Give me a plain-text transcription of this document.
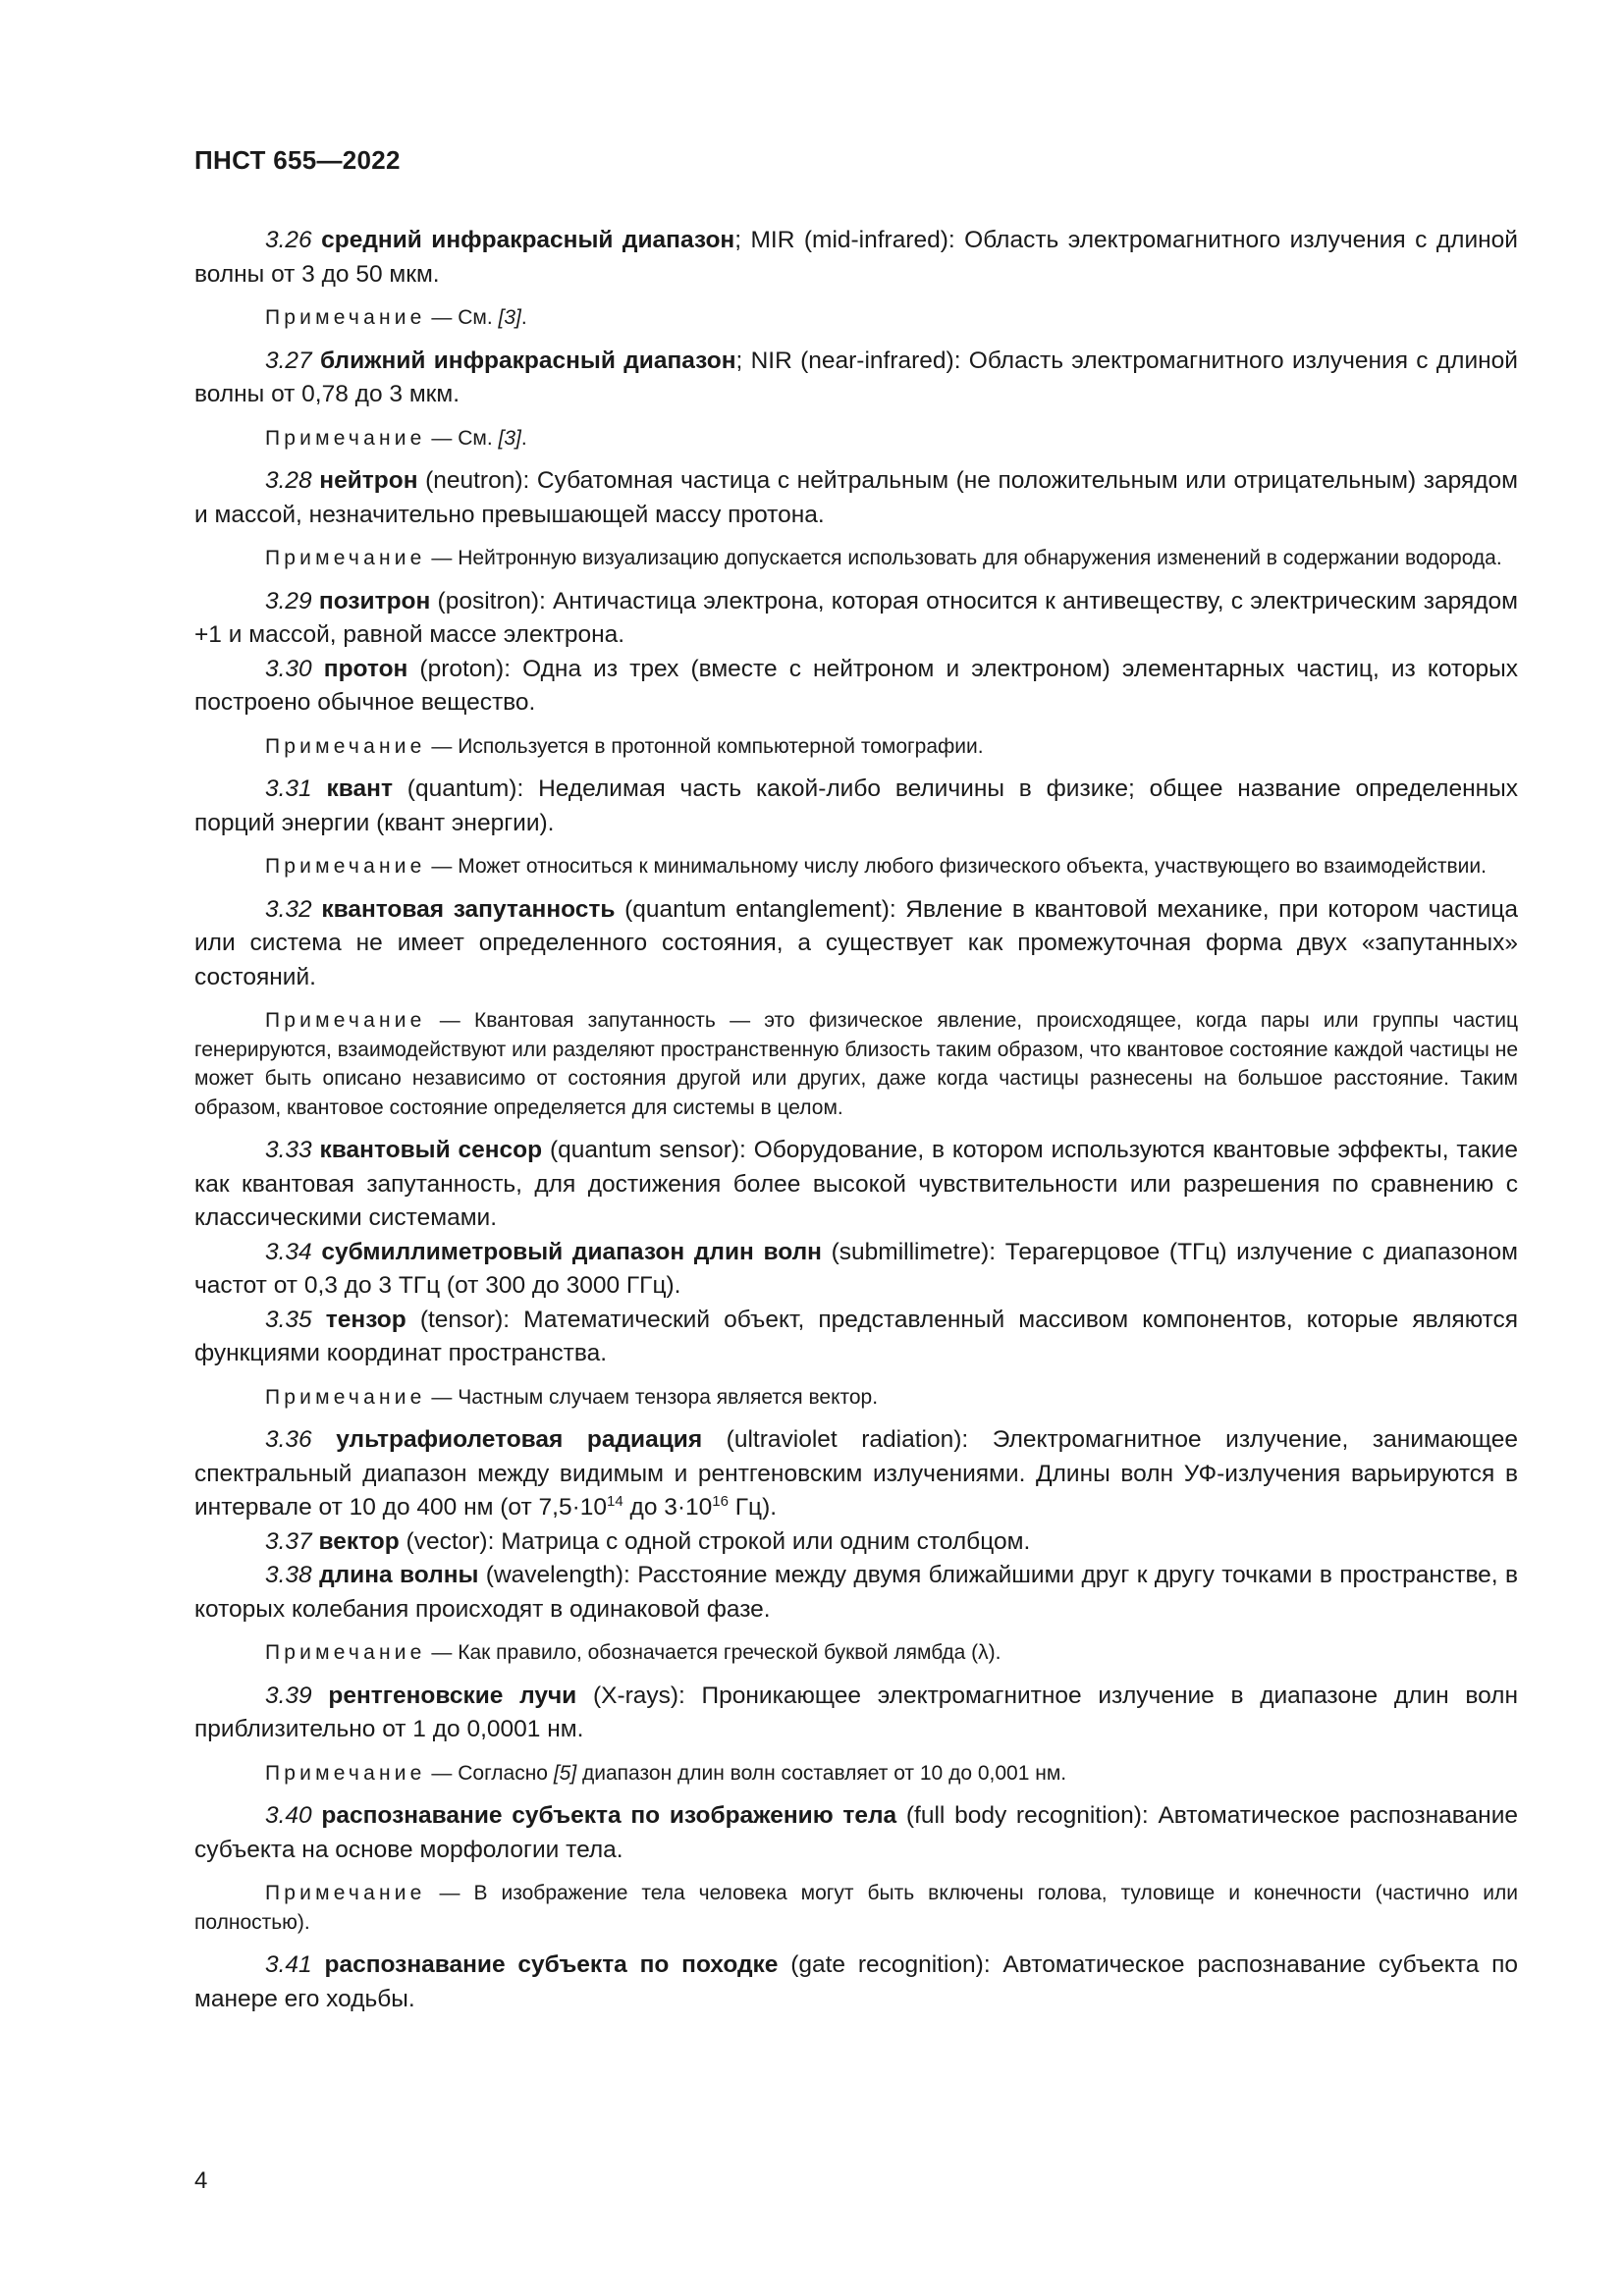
ПНСТ 655—2022

3.26 средний инфракрасный диапазон; MIR (mid-infrared): Область электромагнитного излучения с длиной волны от 3 до 50 мкм.

Примечание — См. [3].

3.27 ближний инфракрасный диапазон; NIR (near-infrared): Область электромагнитного излучения с длиной волны от 0,78 до 3 мкм.

Примечание — См. [3].

3.28 нейтрон (neutron): Субатомная частица с нейтральным (не положительным или отрицательным) зарядом и массой, незначительно превышающей массу протона.

Примечание — Нейтронную визуализацию допускается использовать для обнаружения изменений в содержании водорода.

3.29 позитрон (positron): Античастица электрона, которая относится к антивеществу, с электрическим зарядом +1 и массой, равной массе электрона.

3.30 протон (proton): Одна из трех (вместе с нейтроном и электроном) элементарных частиц, из которых построено обычное вещество.

Примечание — Используется в протонной компьютерной томографии.

3.31 квант (quantum): Неделимая часть какой-либо величины в физике; общее название определенных порций энергии (квант энергии).

Примечание — Может относиться к минимальному числу любого физического объекта, участвующего во взаимодействии.

3.32 квантовая запутанность (quantum entanglement): Явление в квантовой механике, при котором частица или система не имеет определенного состояния, а существует как промежуточная форма двух «запутанных» состояний.

Примечание — Квантовая запутанность — это физическое явление, происходящее, когда пары или группы частиц генерируются, взаимодействуют или разделяют пространственную близость таким образом, что квантовое состояние каждой частицы не может быть описано независимо от состояния другой или других, даже когда частицы разнесены на большое расстояние. Таким образом, квантовое состояние определяется для системы в целом.

3.33 квантовый сенсор (quantum sensor): Оборудование, в котором используются квантовые эффекты, такие как квантовая запутанность, для достижения более высокой чувствительности или разрешения по сравнению с классическими системами.

3.34 субмиллиметровый диапазон длин волн (submillimetre): Терагерцовое (ТГц) излучение с диапазоном частот от 0,3 до 3 ТГц (от 300 до 3000 ГГц).

3.35 тензор (tensor): Математический объект, представленный массивом компонентов, которые являются функциями координат пространства.

Примечание — Частным случаем тензора является вектор.

3.36 ультрафиолетовая радиация (ultraviolet radiation): Электромагнитное излучение, занимающее спектральный диапазон между видимым и рентгеновским излучениями. Длины волн УФ-излучения варьируются в интервале от 10 до 400 нм (от $7,5\cdot 10^{14}$ до $3\cdot 10^{16}$ Гц).

3.37 вектор (vector): Матрица с одной строкой или одним столбцом.

3.38 длина волны (wavelength): Расстояние между двумя ближайшими друг к другу точками в пространстве, в которых колебания происходят в одинаковой фазе.

Примечание — Как правило, обозначается греческой буквой лямбда (λ).

3.39 рентгеновские лучи (X-rays): Проникающее электромагнитное излучение в диапазоне длин волн приблизительно от 1 до 0,0001 нм.

Примечание — Согласно [5] диапазон длин волн составляет от 10 до 0,001 нм.

3.40 распознавание субъекта по изображению тела (full body recognition): Автоматическое распознавание субъекта на основе морфологии тела.

Примечание — В изображение тела человека могут быть включены голова, туловище и конечности (частично или полностью).

3.41 распознавание субъекта по походке (gate recognition): Автоматическое распознавание субъекта по манере его ходьбы.

4
